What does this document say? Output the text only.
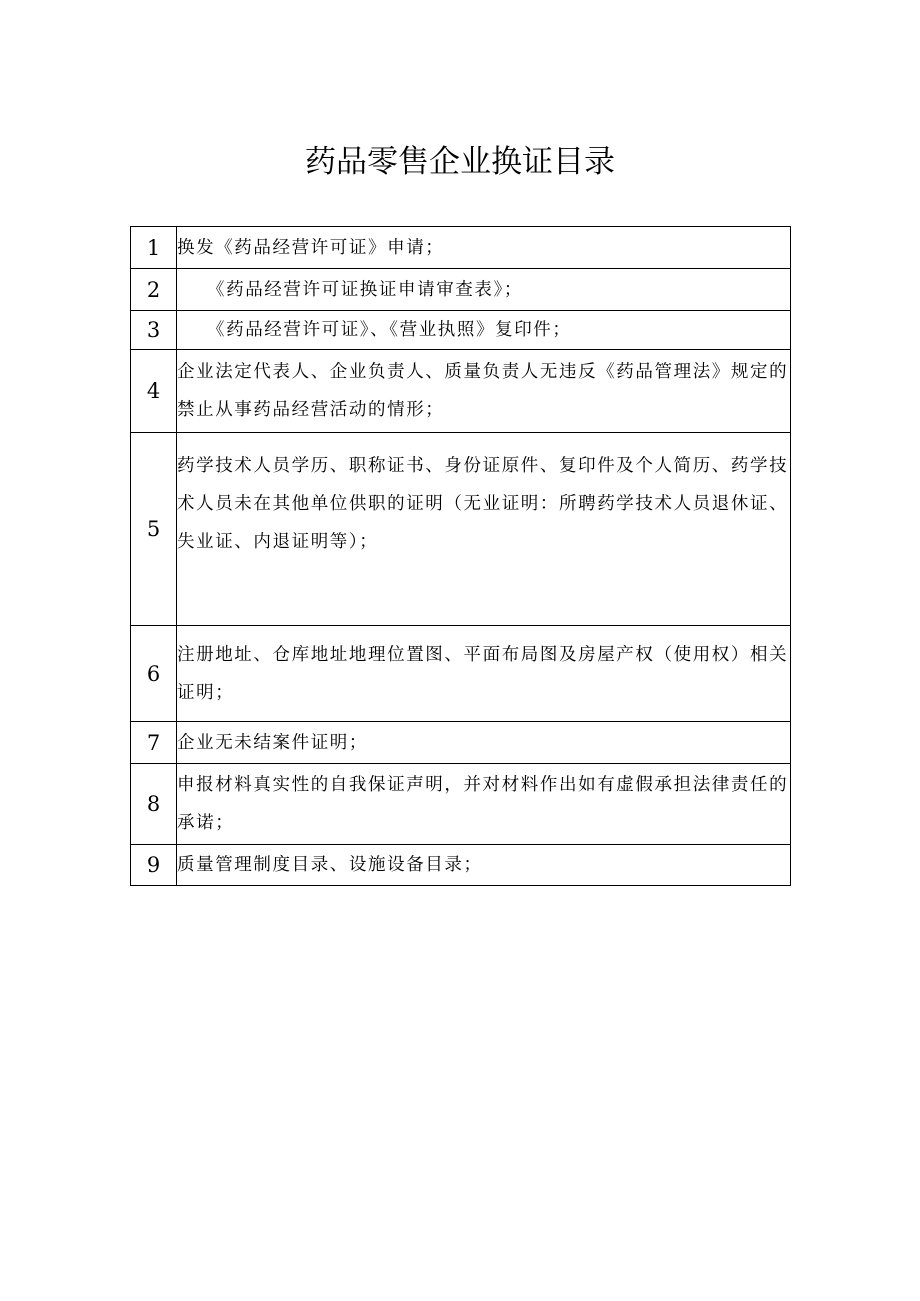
药品零售企业换证目录
1	换发《药品经营许可证》申请；
2	《药品经营许可证换证申请审查表》；
3	《药品经营许可证》、《营业执照》复印件；
4	企业法定代表人、企业负责人、质量负责人无违反《药品管理法》规定的禁止从事药品经营活动的情形；
5	药学技术人员学历、职称证书、身份证原件、复印件及个人简历、药学技术人员未在其他单位供职的证明（无业证明：所聘药学技术人员退休证、失业证、内退证明等）；
6	注册地址、仓库地址地理位置图、平面布局图及房屋产权（使用权）相关证明；
7	企业无未结案件证明；
8	申报材料真实性的自我保证声明，并对材料作出如有虚假承担法律责任的承诺；
9	质量管理制度目录、设施设备目录；
